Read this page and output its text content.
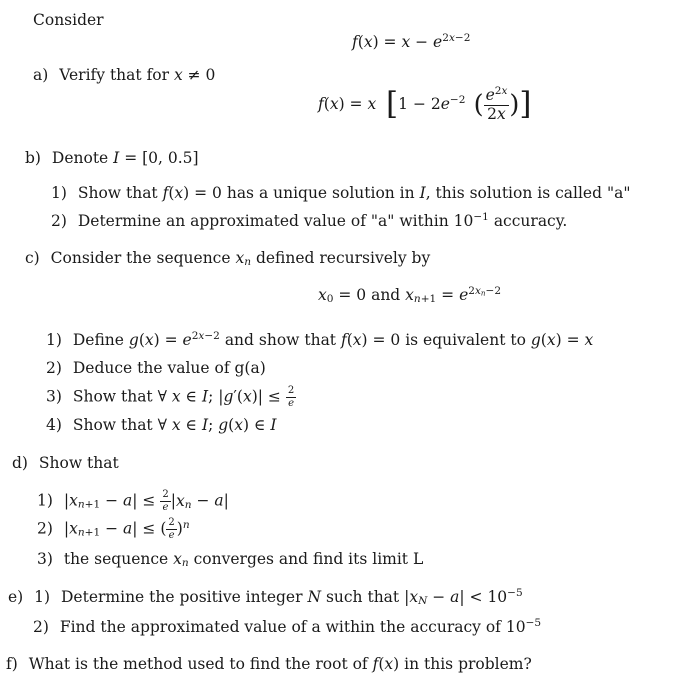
Consider
$f(x) = x - e^{2x-2}$
a) Verify that for x ≠ 0
f(x) = x [$1 - 2e^{-2}$ ( $\frac{e^{2x}}{2x}$ )]
b) Denote I = [0, 0.5]
1) Show that f(x) = 0 has a unique solution in I, this solution is called "a"
2) Determine an approximated value of "a" within $10^{-1}$ accuracy.
c) Consider the sequence $x_n$ defined recursively by
$x_0 = 0$ and $x_{n+1} = e^{2x_n-2}$
1) Define $g(x) = e^{2x-2}$ and show that f(x) = 0 is equivalent to g(x) = x
2) Deduce the value of g(a)
3) Show that ∀ x ∈ I; $|g'(x)| \le \frac{2}{e}$
4) Show that ∀ x ∈ I; g(x) ∈ I
d) Show that
1) $|x_{n+1} - a| \le \frac{2}{e} |x_n - a|$
2) $|x_{n+1} - a|$ ≤ ( $\frac{2}{e} )^n$
3) the sequence $x_n$ converges and find its limit L
e) 1) Determine the positive integer N such that $|x_N - a| < 10^{-5}$
2) Find the approximated value of a within the accuracy of $10^{-5}$
f) What is the method used to find the root of f(x) in this problem?
